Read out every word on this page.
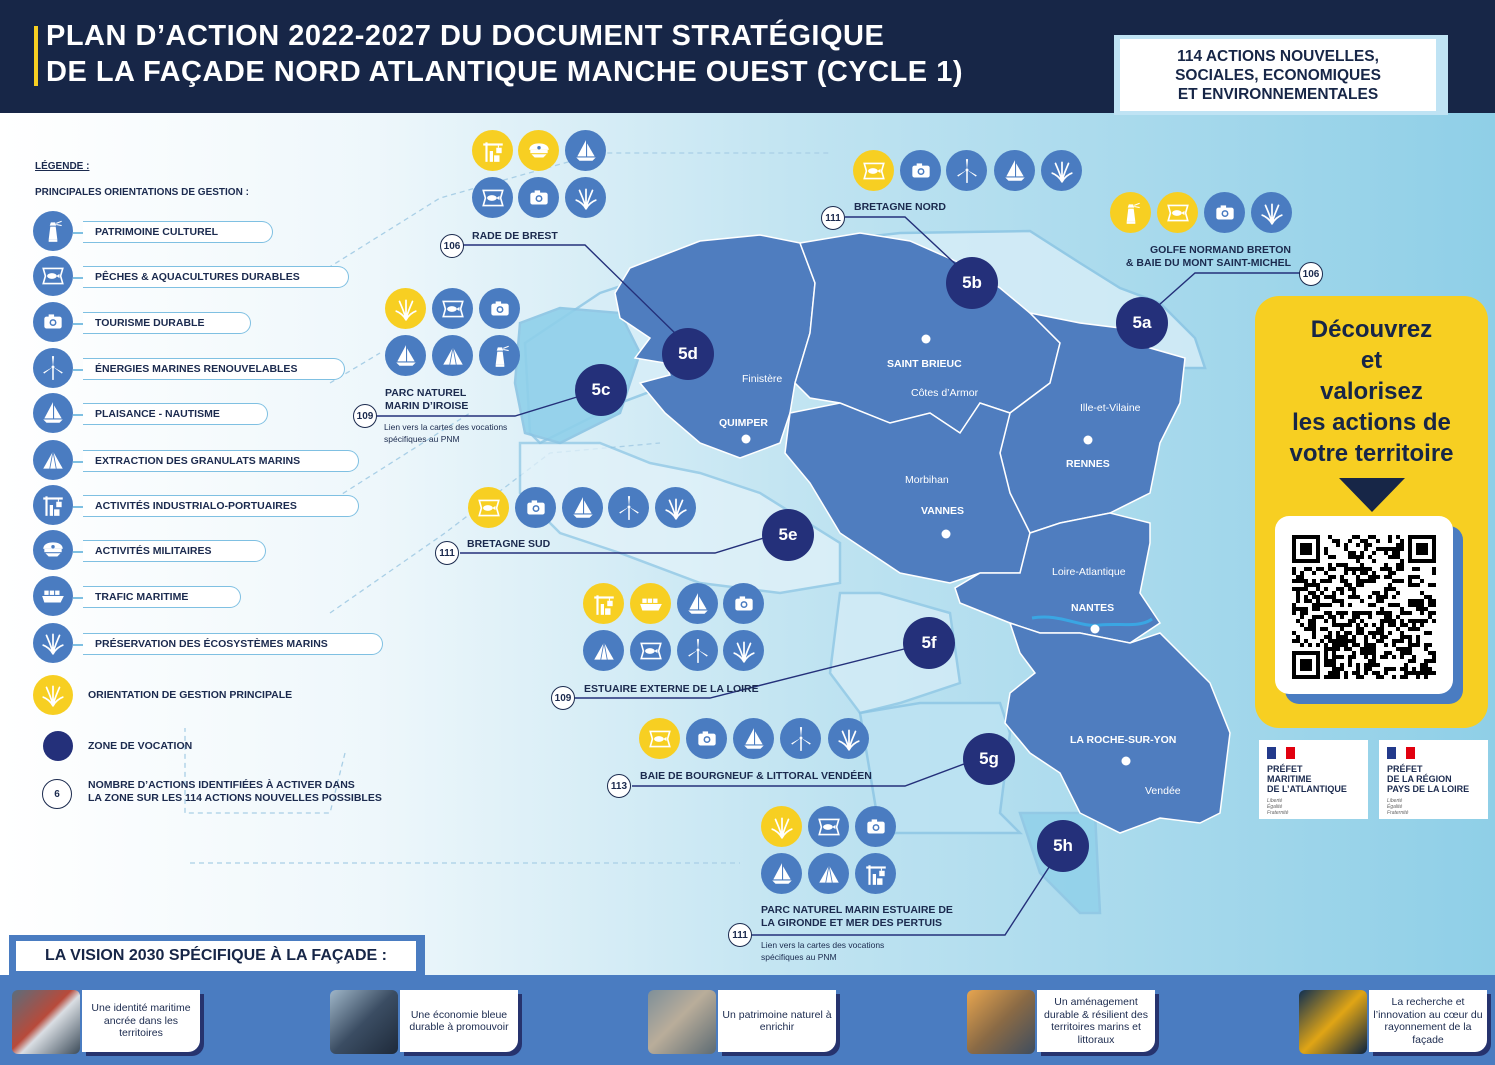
PLAN D’ACTION 2022-2027 DU DOCUMENT STRATÉGIQUE
DE LA FAÇADE NORD ATLANTIQUE MANCHE OUEST (CYCLE 1)	114 ACTIONS NOUVELLES,
SOCIALES, ECONOMIQUES
ET ENVIRONNEMENTALES
LÉGENDE :
PRINCIPALES ORIENTATIONS DE GESTION :
PATRIMOINE CULTUREL
PÊCHES & AQUACULTURES DURABLES
TOURISME DURABLE
ÉNERGIES MARINES RENOUVELABLES
PLAISANCE - NAUTISME
EXTRACTION DES GRANULATS MARINS
ACTIVITÉS INDUSTRIALO-PORTUAIRES
ACTIVITÉS MILITAIRES
TRAFIC MARITIME
PRÉSERVATION DES ÉCOSYSTÈMES MARINS
ORIENTATION DE GESTION PRINCIPALE
ZONE DE VOCATION
6
NOMBRE D’ACTIONS IDENTIFIÉES À ACTIVER DANS
LA ZONE SUR LES 114 ACTIONS NOUVELLES POSSIBLES
Finistère
QUIMPER
SAINT BRIEUC
Côtes d’Armor
Ille-et-Vilaine
RENNES
Morbihan
VANNES
Loire-Atlantique
NANTES
LA ROCHE-SUR-YON
Vendée
RADE DE BREST
106
5d
BRETAGNE NORD
111
5b
GOLFE NORMAND BRETON
& BAIE DU MONT SAINT-MICHEL
106
5a
PARC NATUREL
MARIN D’IROISE
109
Lien vers la cartes des vocations
spécifiques au PNM
5c
BRETAGNE SUD
111
5e
ESTUAIRE EXTERNE DE LA LOIRE
109
5f
BAIE DE BOURGNEUF & LITTORAL VENDÉEN
113
5g
PARC NATUREL MARIN ESTUAIRE DE
LA GIRONDE ET MER DES PERTUIS
111
Lien vers la cartes des vocations
spécifiques au PNM
5h
Découvrez
et
valorisez
les actions de
votre territoire
PRÉFET
MARITIME
DE L’ATLANTIQUE
Liberté
Égalité
Fraternité
PRÉFET
DE LA RÉGION
PAYS DE LA LOIRE
Liberté
Égalité
Fraternité
LA VISION 2030 SPÉCIFIQUE À LA FAÇADE :
Une identité maritime ancrée dans les territoires
Une économie bleue durable à promouvoir
Un patrimoine naturel à enrichir
Un aménagement durable & résilient des territoires marins et littoraux
La recherche et l’innovation au cœur du rayonnement de la façade
